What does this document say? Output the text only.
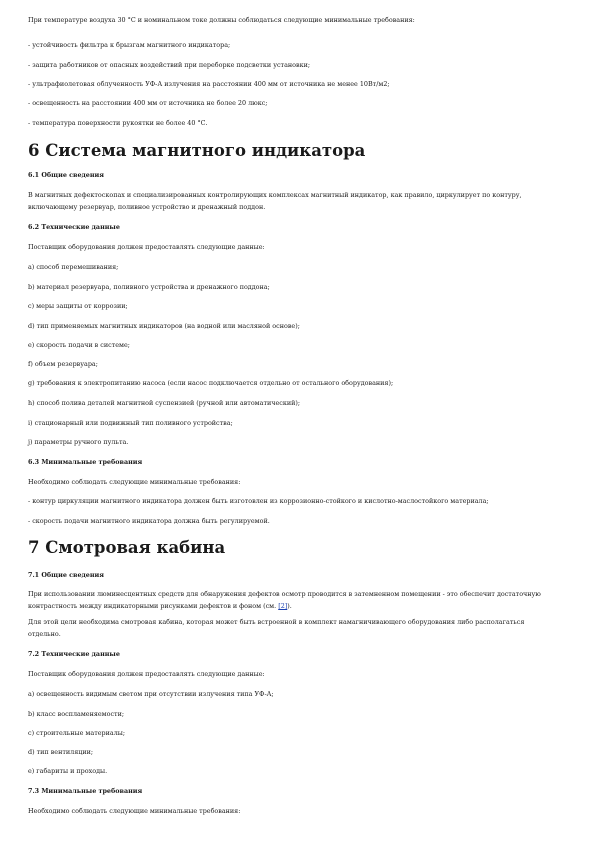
При температуре воздуха 30 °С и номинальном токе должны соблюдаться следующие минимальные требования:

- устойчивость фильтра к брызгам магнитного индикатора;

- защита работников от опасных воздействий при переборке подсветки установки;

- ультрафиолетовая облученность УФ-А излучения на расстоянии 400 мм от источника не менее 10Вт/м2;

- освещенность на расстоянии 400 мм от источника не более 20 люкс;

- температура поверхности рукоятки не более 40 °С.

6 Система магнитного индикатора
6.1 Общие сведения

В магнитных дефектоскопах и специализированных контролирующих комплексах магнитный индикатор, как правило, циркулирует по контуру, включающему резервуар, поливное устройство и дренажный поддон.

6.2 Технические данные

Поставщик оборудования должен предоставлять следующие данные:

a) способ перемешивания;

b) материал резервуара, поливного устройства и дренажного поддона;

c) меры защиты от коррозии;

d) тип применяемых магнитных индикаторов (на водной или масляной основе);

e) скорость подачи в системе;

f) объем резервуара;

g) требования к электропитанию насоса (если насос подключается отдельно от остального оборудования);

h) способ полива деталей магнитной суспензией (ручной или автоматический);

i) стационарный или подвижный тип поливного устройства;

j) параметры ручного пульта.

6.3 Минимальные требования

Необходимо соблюдать следующие минимальные требования:

- контур циркуляции магнитного индикатора должен быть изготовлен из коррозионно-стойкого и кислотно-маслостойкого материала;

- скорость подачи магнитного индикатора должна быть регулируемой.

7 Смотровая кабина
7.1 Общие сведения

При использовании люминесцентных средств для обнаружения дефектов осмотр проводится в затемненном помещении - это обеспечит достаточную контрастность между индикаторными рисунками дефектов и фоном (см. [2]).

Для этой цели необходима смотровая кабина, которая может быть встроенной в комплект намагничивающего оборудования либо располагаться отдельно.

7.2 Технические данные

Поставщик оборудования должен предоставлять следующие данные:

a) освещенность видимым светом при отсутствии излучения типа УФ-А;

b) класс воспламеняемости;

c) строительные материалы;

d) тип вентиляции;

e) габариты и проходы.

7.3 Минимальные требования

Необходимо соблюдать следующие минимальные требования:
